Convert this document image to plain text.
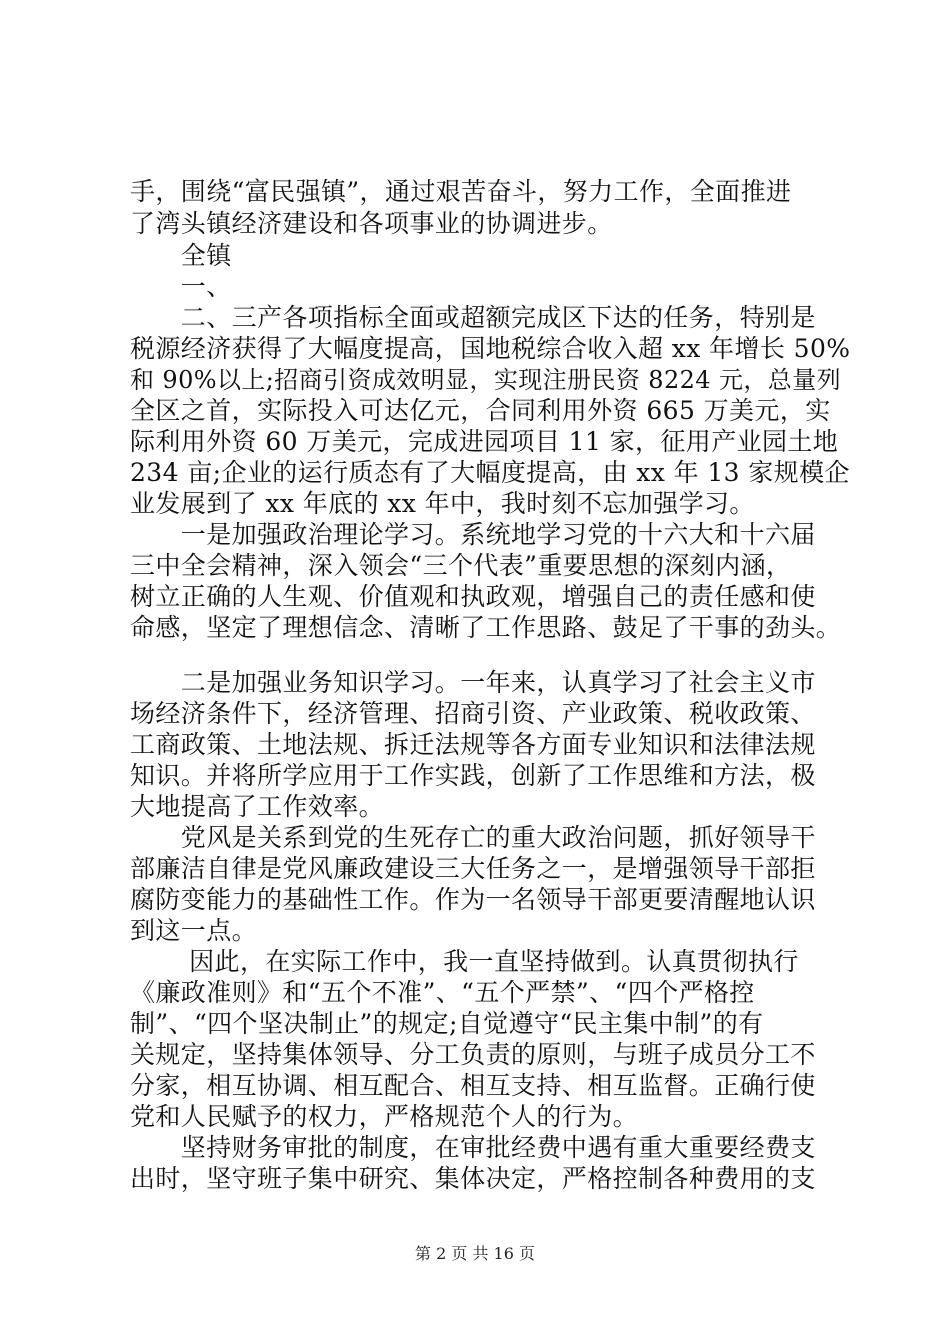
手，围绕“富民强镇”，通过艰苦奋斗，努力工作，全面推进
了湾头镇经济建设和各项事业的协调进步。
　　全镇
　　一、
　　二、三产各项指标全面或超额完成区下达的任务，特别是
税源经济获得了大幅度提高，国地税综合收入超 xx 年增长 50%
和 90%以上;招商引资成效明显，实现注册民资 8224 元，总量列
全区之首，实际投入可达亿元，合同利用外资 665 万美元，实
际利用外资 60 万美元，完成进园项目 11 家，征用产业园土地
234 亩;企业的运行质态有了大幅度提高，由 xx 年 13 家规模企
业发展到了 xx 年底的 xx 年中，我时刻不忘加强学习。
　　一是加强政治理论学习。系统地学习党的十六大和十六届
三中全会精神，深入领会“三个代表”重要思想的深刻内涵，
树立正确的人生观、价值观和执政观，增强自己的责任感和使
命感，坚定了理想信念、清晰了工作思路、鼓足了干事的劲头。
　　二是加强业务知识学习。一年来，认真学习了社会主义市
场经济条件下，经济管理、招商引资、产业政策、税收政策、
工商政策、土地法规、拆迁法规等各方面专业知识和法律法规
知识。并将所学应用于工作实践，创新了工作思维和方法，极
大地提高了工作效率。
　　党风是关系到党的生死存亡的重大政治问题，抓好领导干
部廉洁自律是党风廉政建设三大任务之一，是增强领导干部拒
腐防变能力的基础性工作。作为一名领导干部更要清醒地认识
到这一点。
　　 因此，在实际工作中，我一直坚持做到。认真贯彻执行
《廉政准则》和“五个不准”、“五个严禁”、“四个严格控
制”、“四个坚决制止”的规定;自觉遵守“民主集中制”的有
关规定，坚持集体领导、分工负责的原则，与班子成员分工不
分家，相互协调、相互配合、相互支持、相互监督。正确行使
党和人民赋予的权力，严格规范个人的行为。
　　坚持财务审批的制度，在审批经费中遇有重大重要经费支
出时，坚守班子集中研究、集体决定，严格控制各种费用的支
第 2 页 共 16 页
